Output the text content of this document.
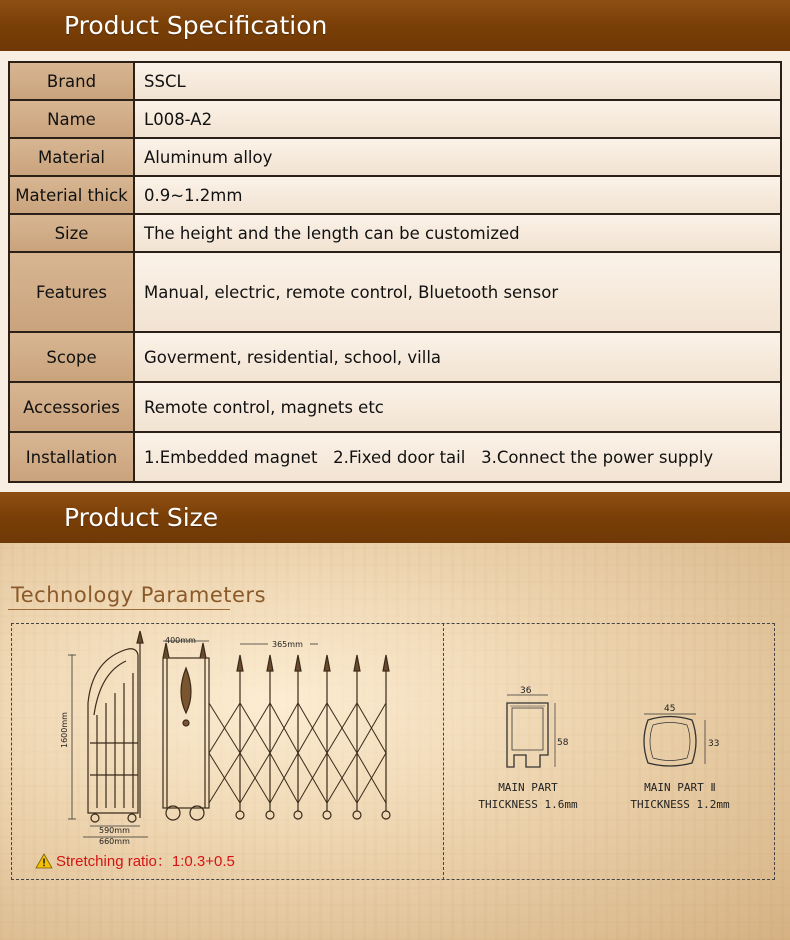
Product Specification
Brand	SSCL
Name	L008-A2
Material	Aluminum alloy
Material thick	0.9~1.2mm
Size	The height and the length can be customized
Features	Manual, electric, remote control, Bluetooth sensor
Scope	Goverment, residential, school, villa
Accessories	Remote control, magnets etc
Installation	1.Embedded magnet   2.Fixed door tail   3.Connect the power supply
Product Size
Technology Parameters
1600mm
590mm
660mm
400mm	365mm
36
58
45
33
MAIN PART
THICKNESS 1.6mm
MAIN PART Ⅱ
THICKNESS 1.2mm
Stretching ratio：1:0.3+0.5
